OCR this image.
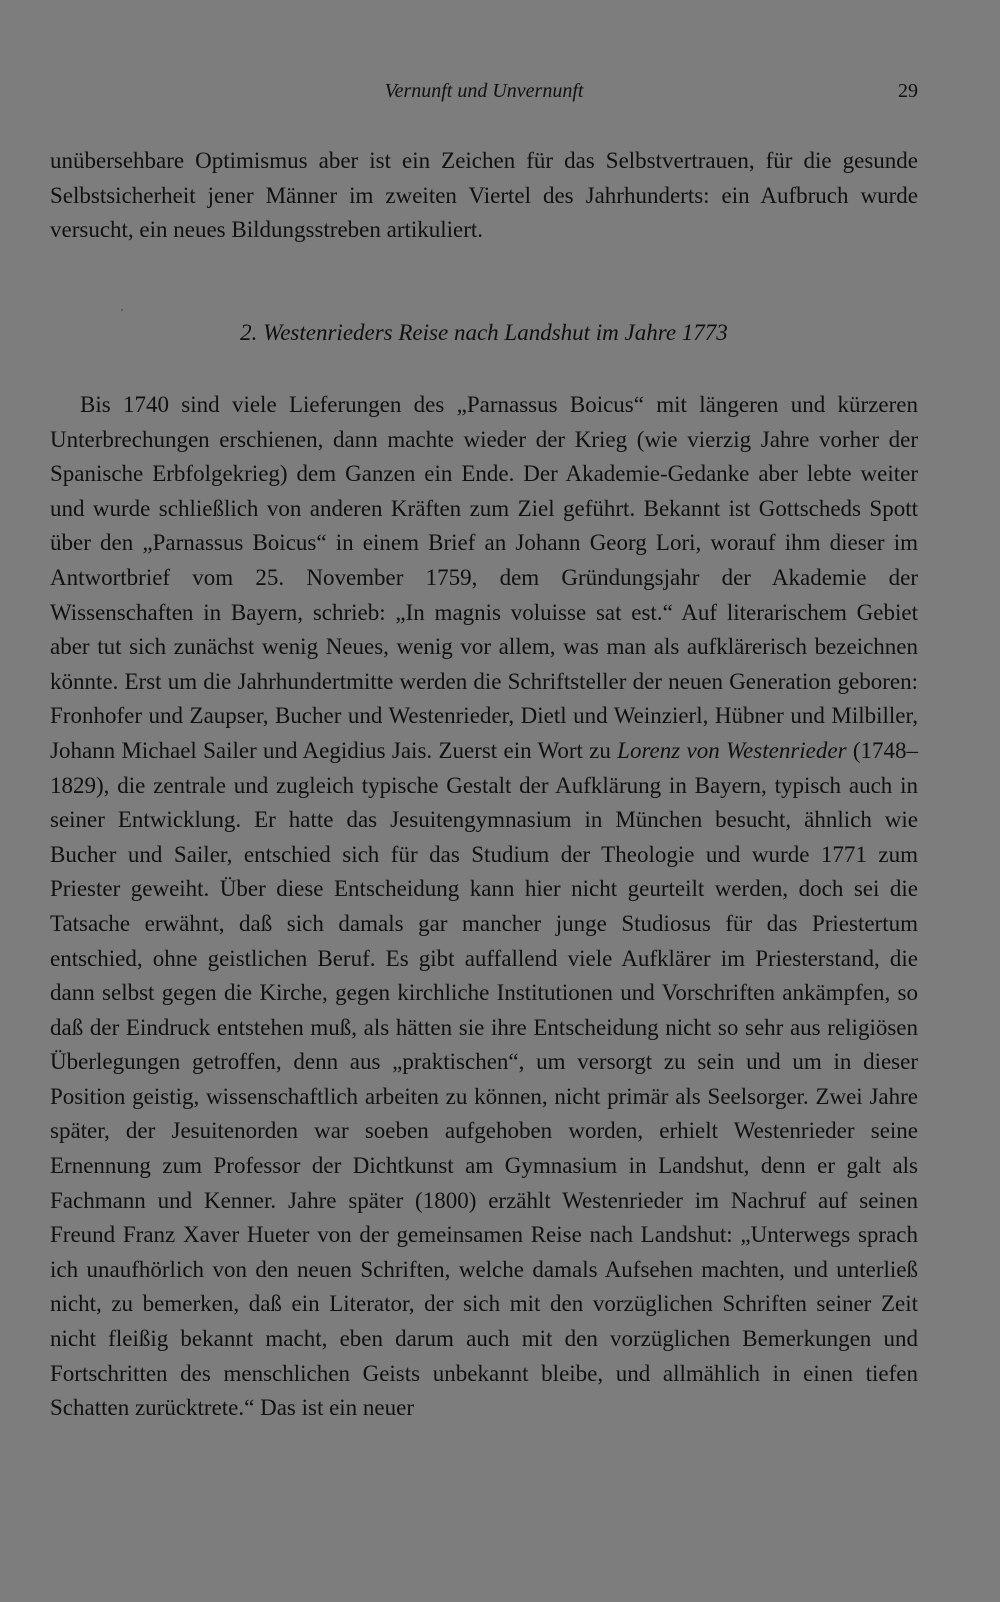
Vernunft und Unvernunft	29

unübersehbare Optimismus aber ist ein Zeichen für das Selbstvertrauen, für die gesunde Selbstsicherheit jener Männer im zweiten Viertel des Jahrhunderts: ein Aufbruch wurde versucht, ein neues Bildungsstreben artikuliert.

2. Westenrieders Reise nach Landshut im Jahre 1773

Bis 1740 sind viele Lieferungen des „Parnassus Boicus“ mit längeren und kürzeren Unterbrechungen erschienen, dann machte wieder der Krieg (wie vierzig Jahre vorher der Spanische Erbfolgekrieg) dem Ganzen ein Ende. Der Akademie-Gedanke aber lebte weiter und wurde schließlich von anderen Kräften zum Ziel geführt. Bekannt ist Gottscheds Spott über den „Parnassus Boicus“ in einem Brief an Johann Georg Lori, worauf ihm dieser im Antwortbrief vom 25. November 1759, dem Gründungsjahr der Akademie der Wissenschaften in Bayern, schrieb: „In magnis voluisse sat est.“ Auf literarischem Gebiet aber tut sich zunächst wenig Neues, wenig vor allem, was man als aufklärerisch bezeichnen könnte. Erst um die Jahrhundertmitte werden die Schriftsteller der neuen Generation geboren: Fronhofer und Zaupser, Bucher und Westenrieder, Dietl und Weinzierl, Hübner und Milbiller, Johann Michael Sailer und Aegidius Jais. Zuerst ein Wort zu Lorenz von Westenrieder (1748–1829), die zentrale und zugleich typische Gestalt der Aufklärung in Bayern, typisch auch in seiner Entwicklung. Er hatte das Jesuitengymnasium in München besucht, ähnlich wie Bucher und Sailer, entschied sich für das Studium der Theologie und wurde 1771 zum Priester geweiht. Über diese Entscheidung kann hier nicht geurteilt werden, doch sei die Tatsache erwähnt, daß sich damals gar mancher junge Studiosus für das Priestertum entschied, ohne geistlichen Beruf. Es gibt auffallend viele Aufklärer im Priesterstand, die dann selbst gegen die Kirche, gegen kirchliche Institutionen und Vorschriften ankämpfen, so daß der Eindruck entstehen muß, als hätten sie ihre Entscheidung nicht so sehr aus religiösen Überlegungen getroffen, denn aus „praktischen“, um versorgt zu sein und um in dieser Position geistig, wissenschaftlich arbeiten zu können, nicht primär als Seelsorger. Zwei Jahre später, der Jesuitenorden war soeben aufgehoben worden, erhielt Westenrieder seine Ernennung zum Professor der Dichtkunst am Gymnasium in Landshut, denn er galt als Fachmann und Kenner. Jahre später (1800) erzählt Westenrieder im Nachruf auf seinen Freund Franz Xaver Hueter von der gemeinsamen Reise nach Landshut: „Unterwegs sprach ich unaufhörlich von den neuen Schriften, welche damals Aufsehen machten, und unterließ nicht, zu bemerken, daß ein Literator, der sich mit den vorzüglichen Schriften seiner Zeit nicht fleißig bekannt macht, eben darum auch mit den vorzüglichen Bemerkungen und Fortschritten des menschlichen Geists unbekannt bleibe, und allmählich in einen tiefen Schatten zurücktrete.“ Das ist ein neuer
